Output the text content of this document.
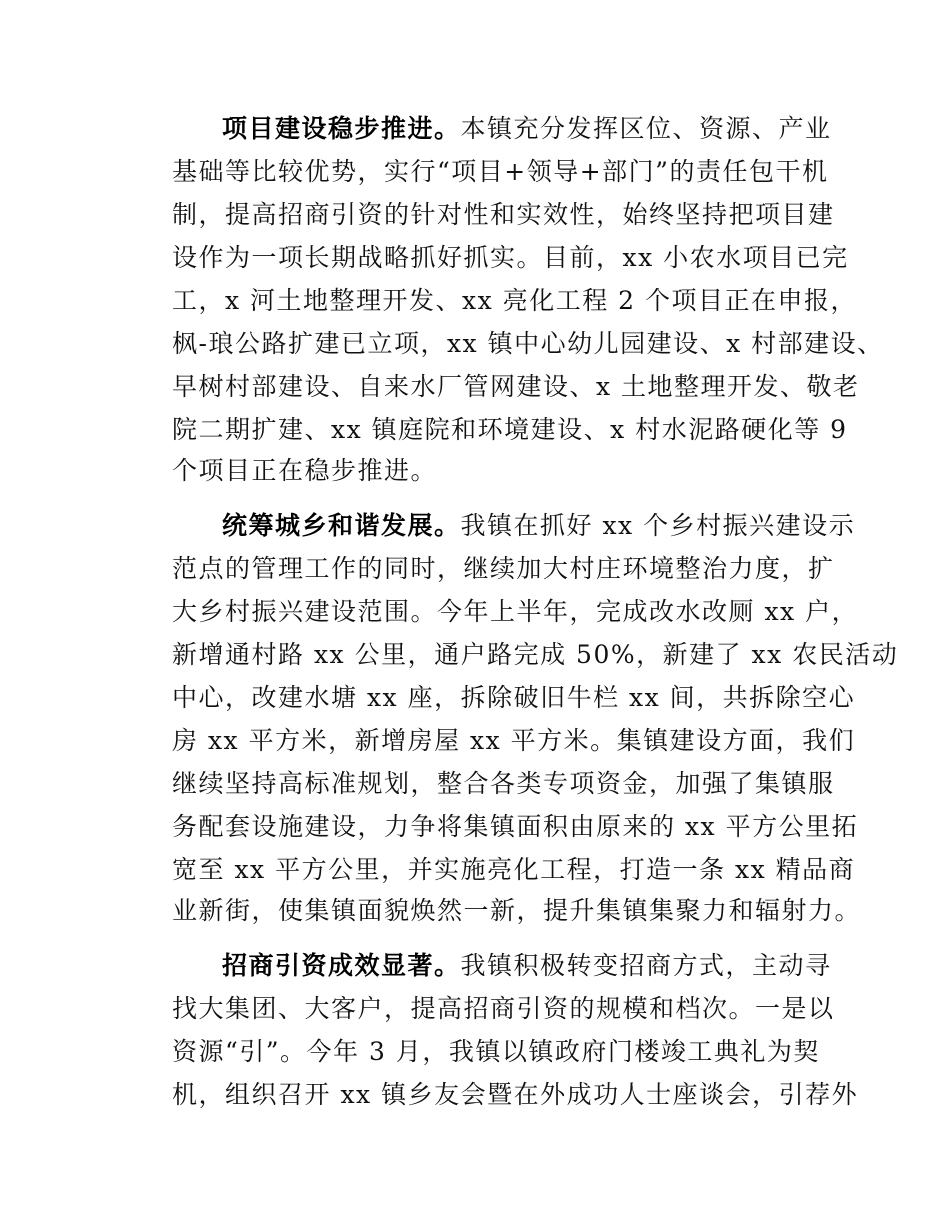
项目建设稳步推进。本镇充分发挥区位、资源、产业
基础等比较优势，实行“项目+领导+部门”的责任包干机
制，提高招商引资的针对性和实效性，始终坚持把项目建
设作为一项长期战略抓好抓实。目前，xx 小农水项目已完
工，x 河土地整理开发、xx 亮化工程 2 个项目正在申报，
枫-琅公路扩建已立项，xx 镇中心幼儿园建设、x 村部建设、
早树村部建设、自来水厂管网建设、x 土地整理开发、敬老
院二期扩建、xx 镇庭院和环境建设、x 村水泥路硬化等 9
个项目正在稳步推进。
统筹城乡和谐发展。我镇在抓好 xx 个乡村振兴建设示
范点的管理工作的同时，继续加大村庄环境整治力度，扩
大乡村振兴建设范围。今年上半年，完成改水改厕 xx 户，
新增通村路 xx 公里，通户路完成 50%，新建了 xx 农民活动
中心，改建水塘 xx 座，拆除破旧牛栏 xx 间，共拆除空心
房 xx 平方米，新增房屋 xx 平方米。集镇建设方面，我们
继续坚持高标准规划，整合各类专项资金，加强了集镇服
务配套设施建设，力争将集镇面积由原来的 xx 平方公里拓
宽至 xx 平方公里，并实施亮化工程，打造一条 xx 精品商
业新街，使集镇面貌焕然一新，提升集镇集聚力和辐射力。
招商引资成效显著。我镇积极转变招商方式，主动寻
找大集团、大客户，提高招商引资的规模和档次。一是以
资源“引”。今年 3 月，我镇以镇政府门楼竣工典礼为契
机，组织召开 xx 镇乡友会暨在外成功人士座谈会，引荐外
